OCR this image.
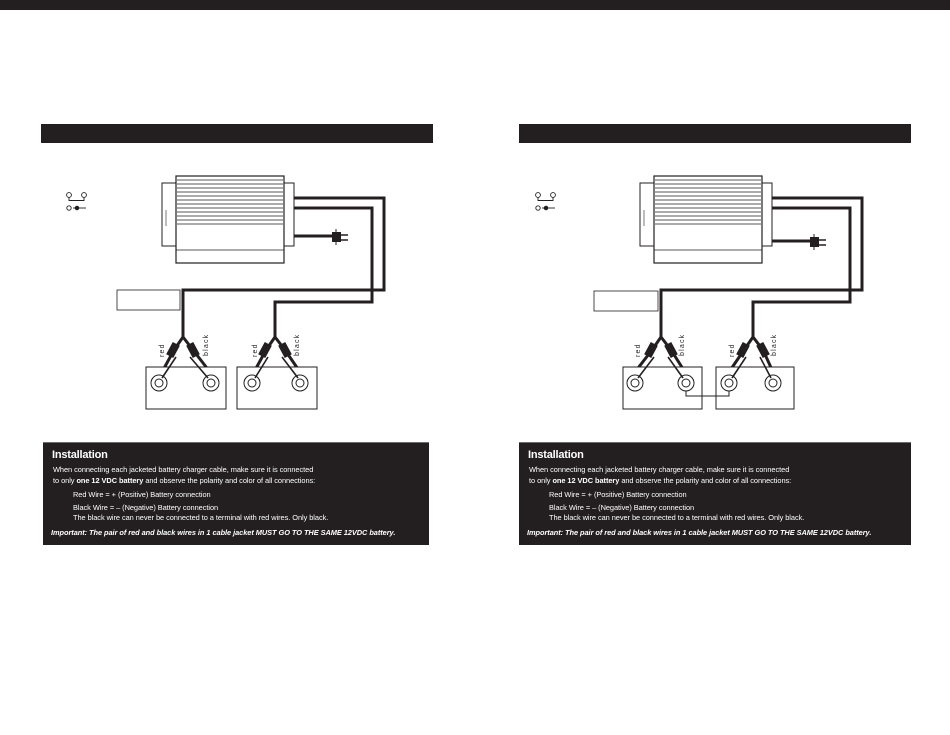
red	black	red	black
Installation
When connecting each jacketed battery charger cable, make sure it is connected
to only one 12 VDC battery and observe the polarity and color of all connections:
Red Wire = + (Positive) Battery connection
Black Wire = – (Negative) Battery connection
The black wire can never be connected to a terminal with red wires. Only black.
Important: The pair of red and black wires in 1 cable jacket MUST GO TO THE SAME 12VDC battery.
red	black	red	black
Installation
When connecting each jacketed battery charger cable, make sure it is connected
to only one 12 VDC battery and observe the polarity and color of all connections:
Red Wire = + (Positive) Battery connection
Black Wire = – (Negative) Battery connection
The black wire can never be connected to a terminal with red wires. Only black.
Important: The pair of red and black wires in 1 cable jacket MUST GO TO THE SAME 12VDC battery.
